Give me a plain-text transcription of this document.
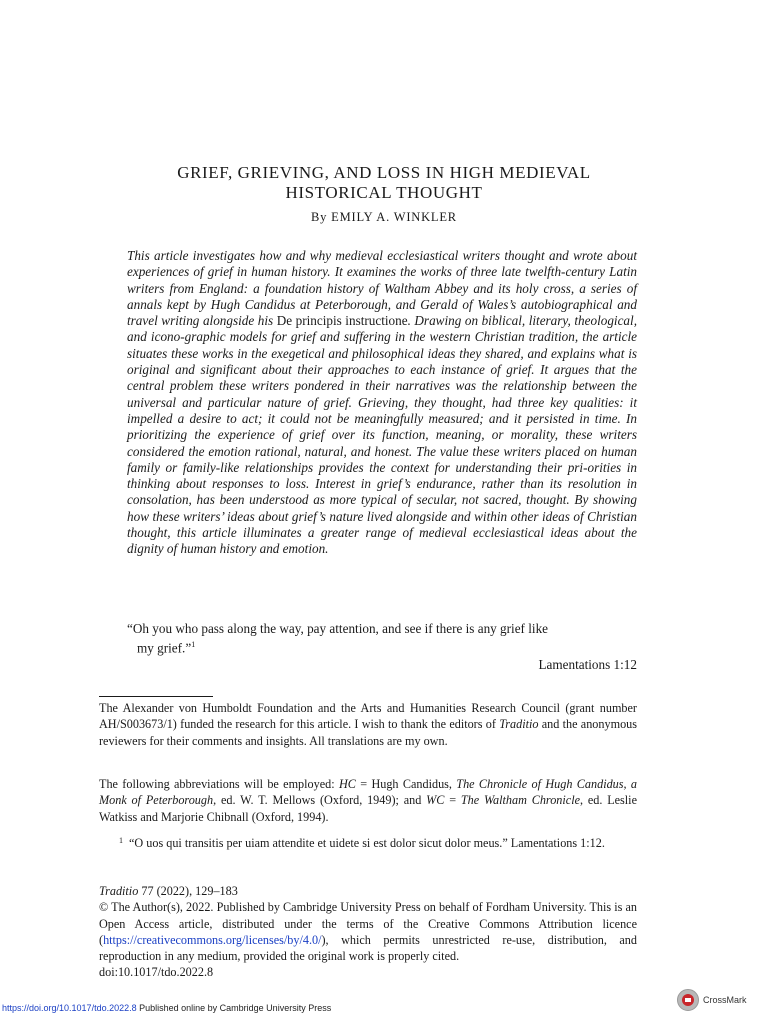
GRIEF, GRIEVING, AND LOSS IN HIGH MEDIEVAL
HISTORICAL THOUGHT
By EMILY A. WINKLER

This article investigates how and why medieval ecclesiastical writers thought and wrote about experiences of grief in human history. It examines the works of three late twelfth-century Latin writers from England: a foundation history of Waltham Abbey and its holy cross, a series of annals kept by Hugh Candidus at Peterborough, and Gerald of Wales’s autobiographical and travel writing alongside his De principis instructione. Drawing on biblical, literary, theological, and icono-graphic models for grief and suffering in the western Christian tradition, the article situates these works in the exegetical and philosophical ideas they shared, and explains what is original and significant about their approaches to each instance of grief. It argues that the central problem these writers pondered in their narratives was the relationship between the universal and particular nature of grief. Grieving, they thought, had three key qualities: it impelled a desire to act; it could not be meaningfully measured; and it persisted in time. In prioritizing the experience of grief over its function, meaning, or morality, these writers considered the emotion rational, natural, and honest. The value these writers placed on human family or family-like relationships provides the context for understanding their pri-orities in thinking about responses to loss. Interest in grief’s endurance, rather than its resolution in consolation, has been understood as more typical of secular, not sacred, thought. By showing how these writers’ ideas about grief’s nature lived alongside and within other ideas of Christian thought, this article illuminates a greater range of medieval ecclesiastical ideas about the dignity of human history and emotion.

“Oh you who pass along the way, pay attention, and see if there is any grief like
my grief.”$^1$
Lamentations 1:12

The Alexander von Humboldt Foundation and the Arts and Humanities Research Council (grant number AH/S003673/1) funded the research for this article. I wish to thank the editors of Traditio and the anonymous reviewers for their comments and insights. All translations are my own.

The following abbreviations will be employed: HC = Hugh Candidus, The Chronicle of Hugh Candidus, a Monk of Peterborough, ed. W. T. Mellows (Oxford, 1949); and WC = The Waltham Chronicle, ed. Leslie Watkiss and Marjorie Chibnall (Oxford, 1994).

$^1$ “O uos qui transitis per uiam attendite et uidete si est dolor sicut dolor meus.” Lamentations 1:12.

Traditio 77 (2022), 129–183
© The Author(s), 2022. Published by Cambridge University Press on behalf of Fordham University. This is an Open Access article, distributed under the terms of the Creative Commons Attribution licence (https://creativecommons.org/licenses/by/4.0/), which permits unrestricted re-use, distribution, and reproduction in any medium, provided the original work is properly cited.
doi:10.1017/tdo.2022.8

https://doi.org/10.1017/tdo.2022.8 Published online by Cambridge University Press
CrossMark
